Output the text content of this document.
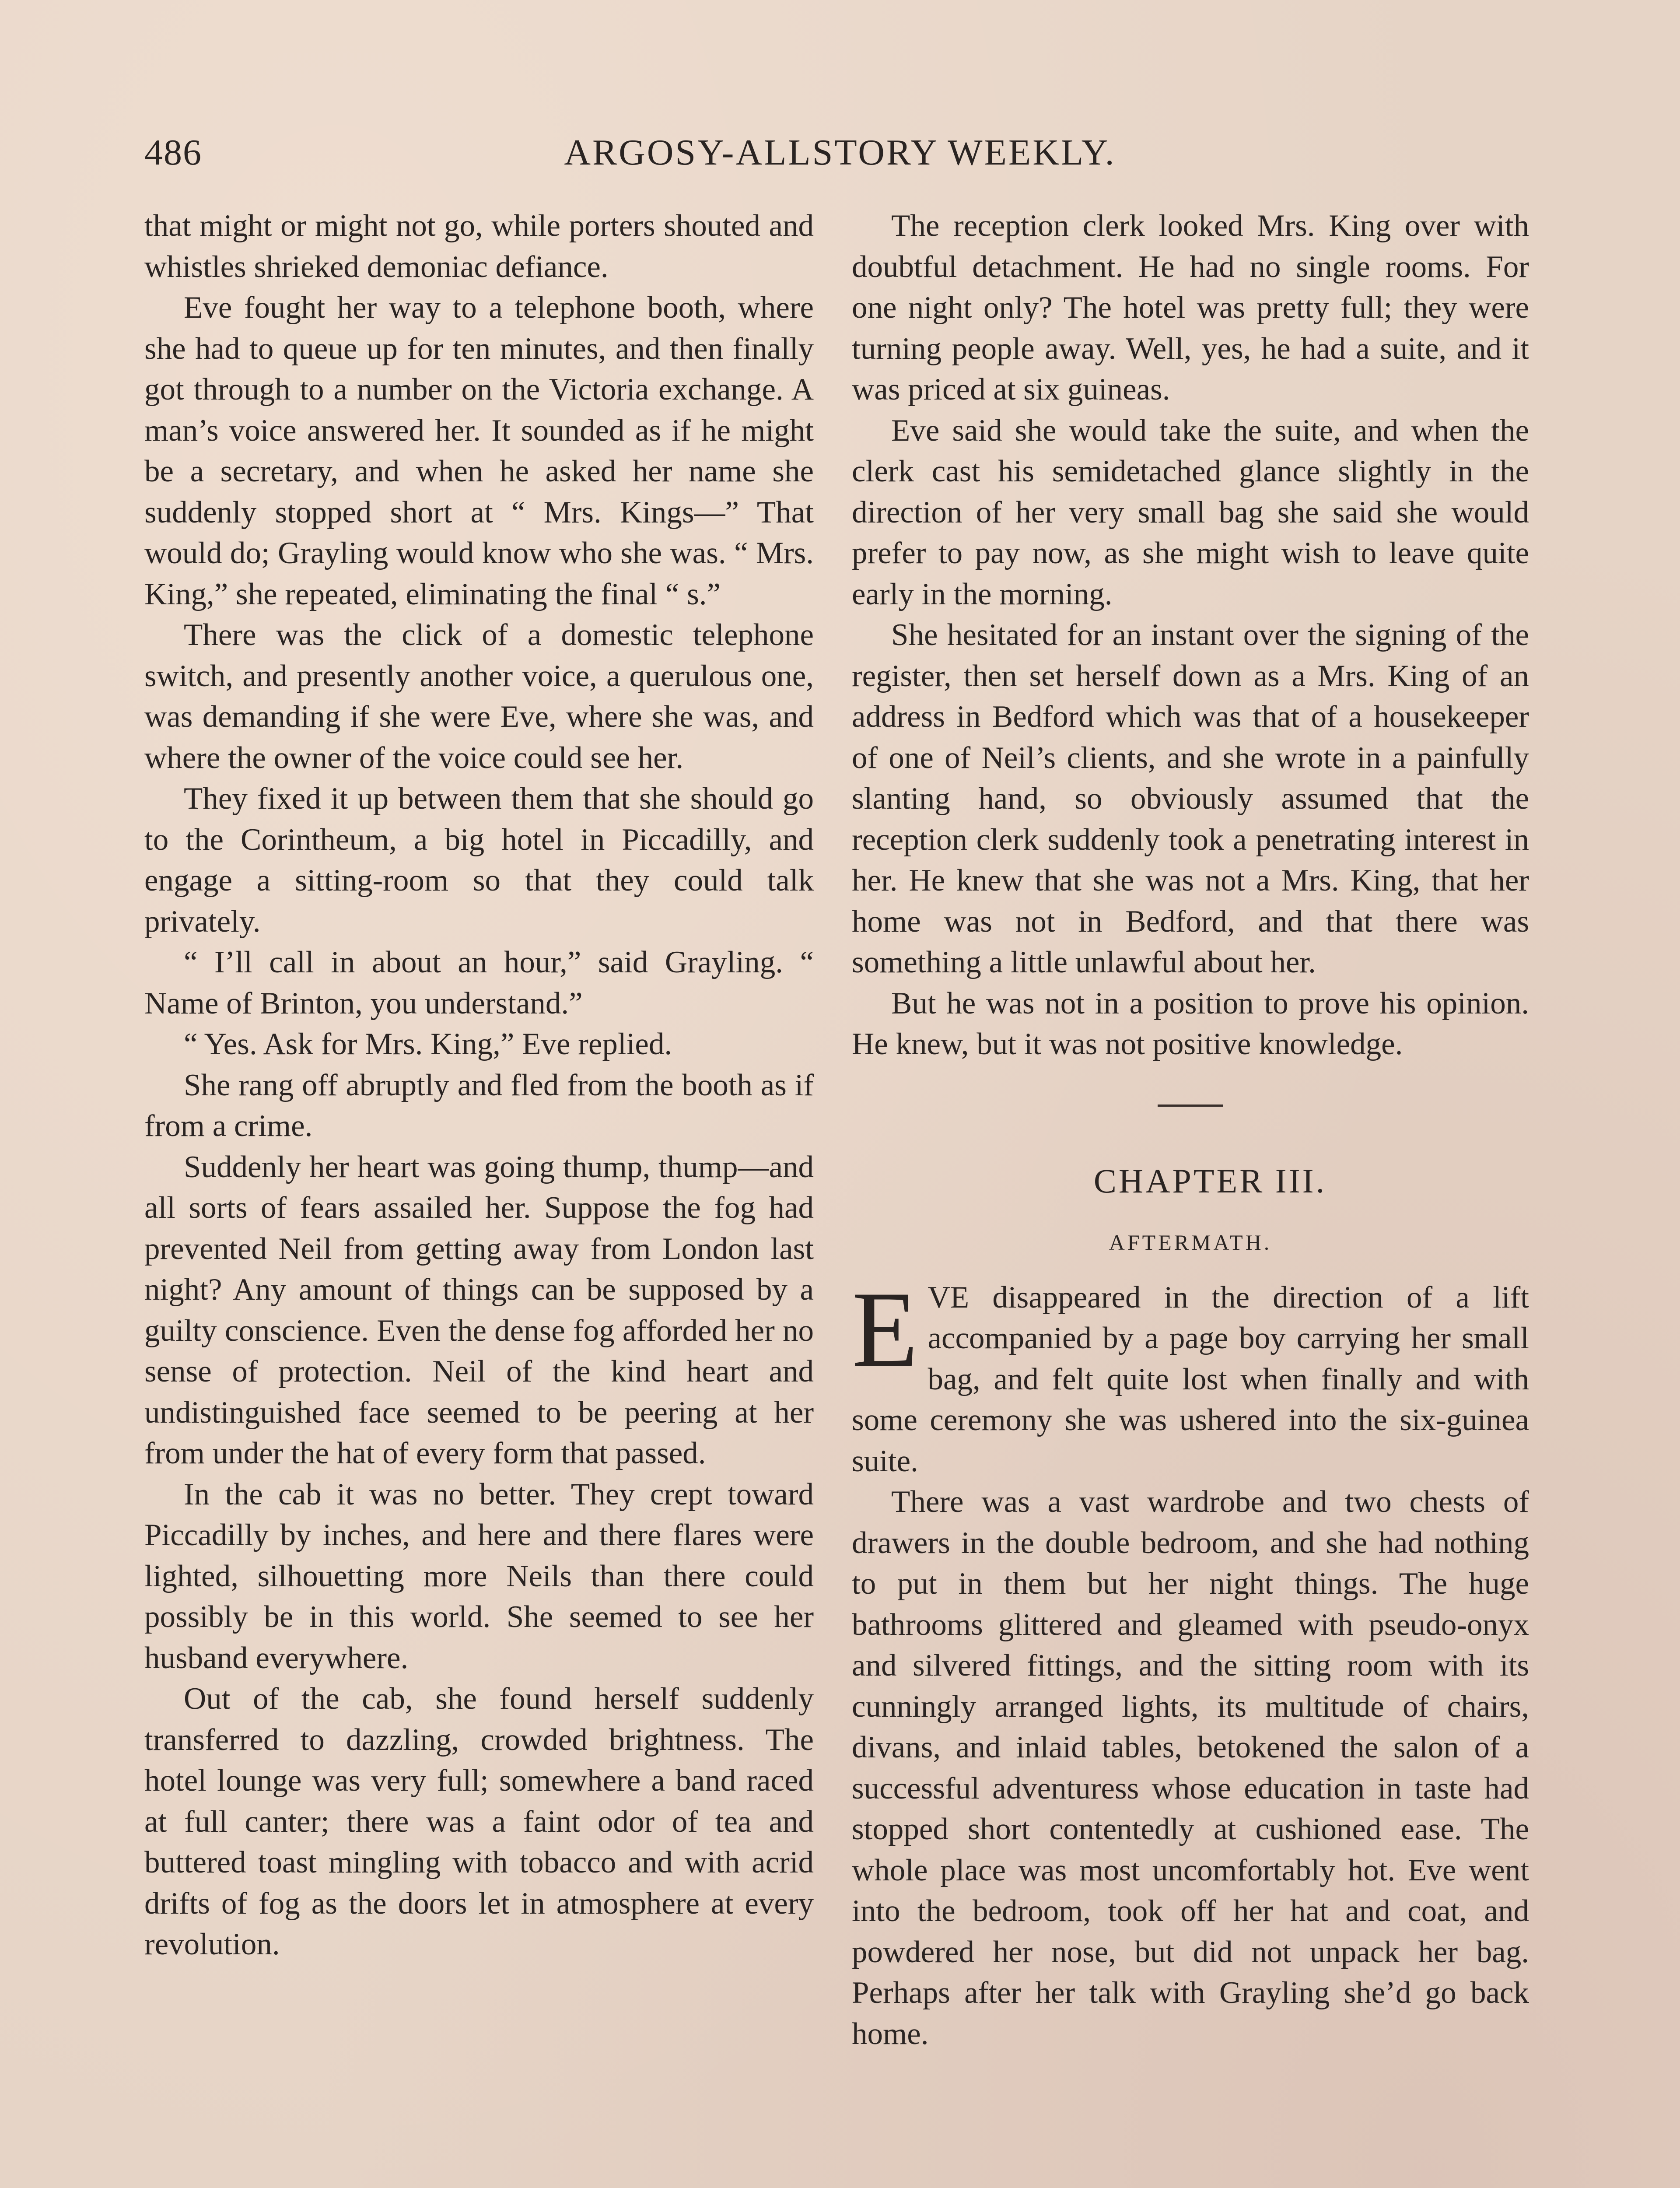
486	ARGOSY-ALLSTORY WEEKLY.

that might or might not go, while porters shouted and whistles shrieked demoniac defiance.

Eve fought her way to a telephone booth, where she had to queue up for ten minutes, and then finally got through to a number on the Victoria exchange. A man’s voice answered her. It sounded as if he might be a secretary, and when he asked her name she suddenly stopped short at “ Mrs. Kings—” That would do; Grayling would know who she was. “ Mrs. King,” she repeated, eliminating the final “ s.”

There was the click of a domestic telephone switch, and presently another voice, a querulous one, was demanding if she were Eve, where she was, and where the owner of the voice could see her.

They fixed it up between them that she should go to the Corintheum, a big hotel in Piccadilly, and engage a sitting-room so that they could talk privately.

“ I’ll call in about an hour,” said Grayling. “ Name of Brinton, you understand.”

“ Yes. Ask for Mrs. King,” Eve replied.

She rang off abruptly and fled from the booth as if from a crime.

Suddenly her heart was going thump, thump—and all sorts of fears assailed her. Suppose the fog had prevented Neil from getting away from London last night? Any amount of things can be supposed by a guilty conscience. Even the dense fog afforded her no sense of protection. Neil of the kind heart and undistinguished face seemed to be peering at her from under the hat of every form that passed.

In the cab it was no better. They crept toward Piccadilly by inches, and here and there flares were lighted, silhouetting more Neils than there could possibly be in this world. She seemed to see her husband everywhere.

Out of the cab, she found herself suddenly transferred to dazzling, crowded brightness. The hotel lounge was very full; somewhere a band raced at full canter; there was a faint odor of tea and buttered toast mingling with tobacco and with acrid drifts of fog as the doors let in atmosphere at every revolution.

The reception clerk looked Mrs. King over with doubtful detachment. He had no single rooms. For one night only? The hotel was pretty full; they were turning people away. Well, yes, he had a suite, and it was priced at six guineas.

Eve said she would take the suite, and when the clerk cast his semidetached glance slightly in the direction of her very small bag she said she would prefer to pay now, as she might wish to leave quite early in the morning.

She hesitated for an instant over the signing of the register, then set herself down as a Mrs. King of an address in Bedford which was that of a housekeeper of one of Neil’s clients, and she wrote in a painfully slanting hand, so obviously assumed that the reception clerk suddenly took a penetrating interest in her. He knew that she was not a Mrs. King, that her home was not in Bedford, and that there was something a little unlawful about her.

But he was not in a position to prove his opinion. He knew, but it was not positive knowledge.

CHAPTER III.

AFTERMATH.

EVE disappeared in the direction of a lift accompanied by a page boy carrying her small bag, and felt quite lost when finally and with some ceremony she was ushered into the six-guinea suite.

There was a vast wardrobe and two chests of drawers in the double bedroom, and she had nothing to put in them but her night things. The huge bathrooms glittered and gleamed with pseudo-onyx and silvered fittings, and the sitting room with its cunningly arranged lights, its multitude of chairs, divans, and inlaid tables, betokened the salon of a successful adventuress whose education in taste had stopped short contentedly at cushioned ease. The whole place was most uncomfortably hot. Eve went into the bedroom, took off her hat and coat, and powdered her nose, but did not unpack her bag. Perhaps after her talk with Grayling she’d go back home.
